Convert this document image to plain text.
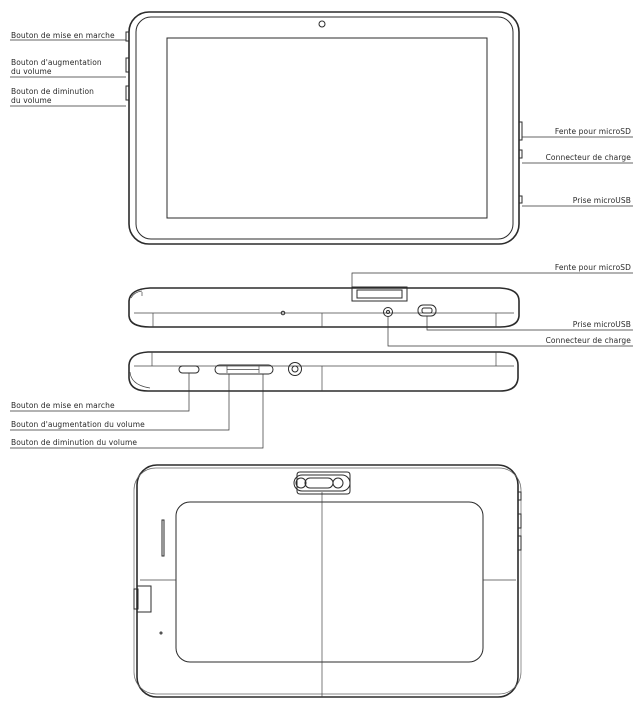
Bouton de mise en marche
Bouton d'augmentation
du volume
Bouton de diminution
du volume
Fente pour microSD
Connecteur de charge
Prise microUSB
Fente pour microSD
Prise microUSB
Connecteur de charge
Bouton de mise en marche
Bouton d'augmentation du volume
Bouton de diminution du volume
